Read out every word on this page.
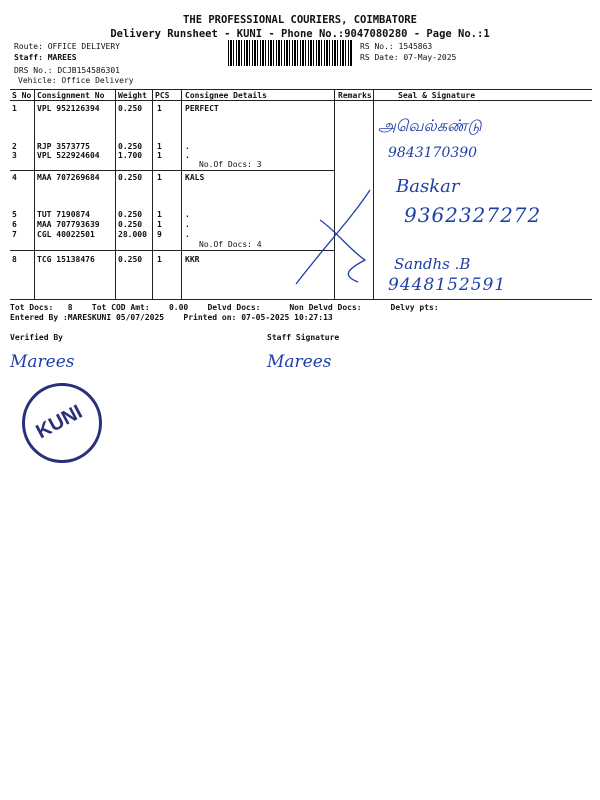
THE PROFESSIONAL COURIERS, COIMBATORE
Delivery Runsheet - KUNI - Phone No.:9047080280 - Page No.:1
Route: OFFICE DELIVERY
Staff: MAREES
DRS No.: DCJB154586301
Vehicle: Office Delivery
RS No.: 1545863
RS Date: 07-May-2025
S No Consignment No Weight PCS Consignee Details	Remarks	Seal & Signature
1	VPL 952126394 0.250 1	PERFECT
2	RJP 3573775	0.250 1	.
3	VPL 522924604 1.700 1	.
No.Of Docs: 3
4	MAA 707269684 0.250 1	KALS
5	TUT 7190874	0.250 1	.
6	MAA 707793639 0.250 1	.
7	CGL 40022501	28.000 9	.
No.Of Docs: 4
8	TCG 15138476	0.250 1	KKR
அவெல்கண்டு
9843170390
Baskar
9362327272
Sandhs .B
9448152591
Tot Docs:   8    Tot COD Amt:    0.00    Delvd Docs:      Non Delvd Docs:      Delvy pts:
Entered By :MARESKUNI 05/07/2025    Printed on: 07-05-2025 10:27:13
Verified By	Staff Signature
Marees	Marees
KUNI
